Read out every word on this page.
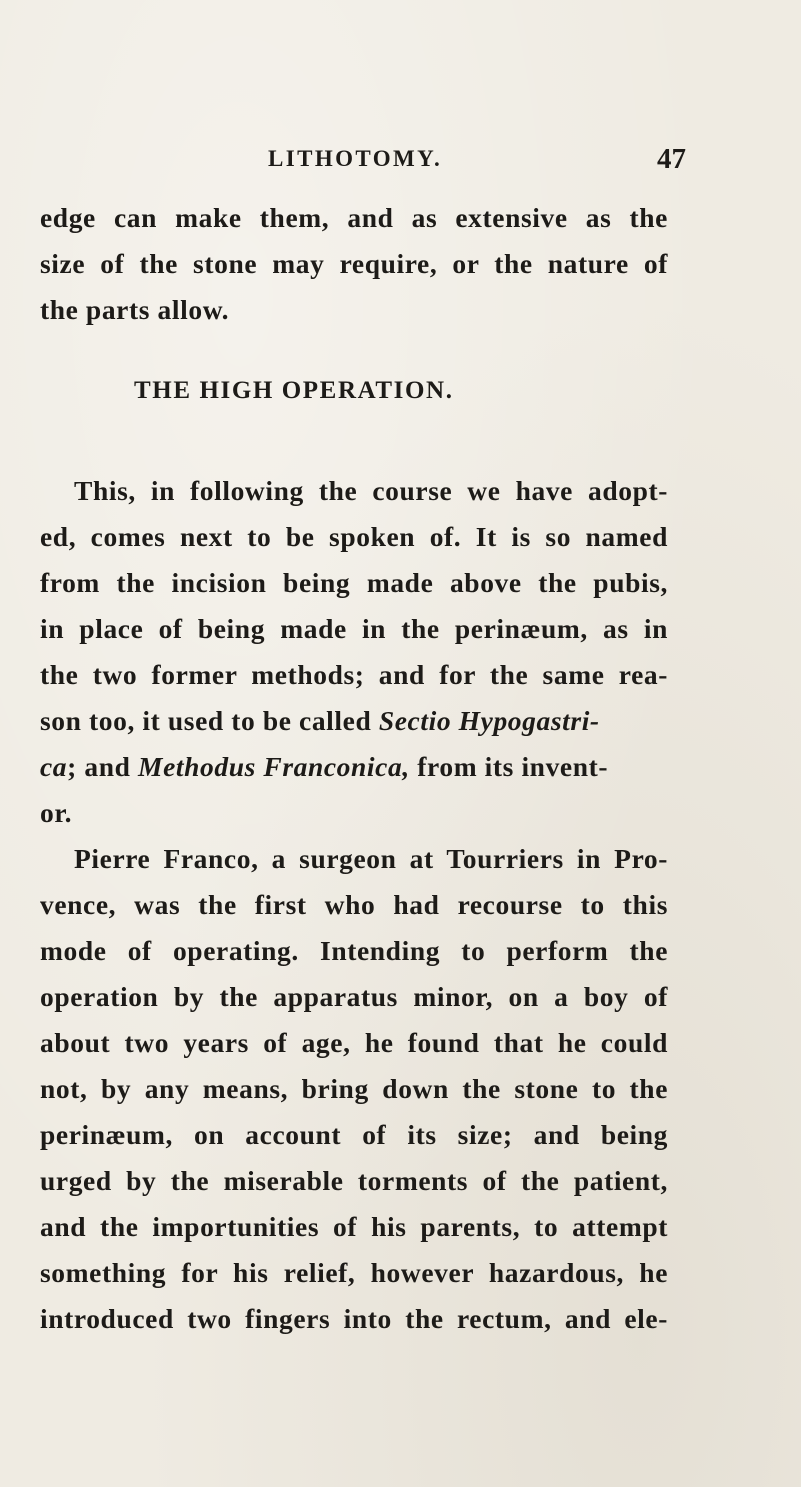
LITHOTOMY.	47
edge can make them, and as extensive as the
size of the stone may require, or the nature of
the parts allow.
THE HIGH OPERATION.
This, in following the course we have adopt-
ed, comes next to be spoken of. It is so named
from the incision being made above the pubis,
in place of being made in the perinæum, as in
the two former methods; and for the same rea-
son too, it used to be called Sectio Hypogastri-
ca; and Methodus Franconica, from its invent-
or.
Pierre Franco, a surgeon at Tourriers in Pro-
vence, was the first who had recourse to this
mode of operating. Intending to perform the
operation by the apparatus minor, on a boy of
about two years of age, he found that he could
not, by any means, bring down the stone to the
perinæum, on account of its size; and being
urged by the miserable torments of the patient,
and the importunities of his parents, to attempt
something for his relief, however hazardous, he
introduced two fingers into the rectum, and ele-
